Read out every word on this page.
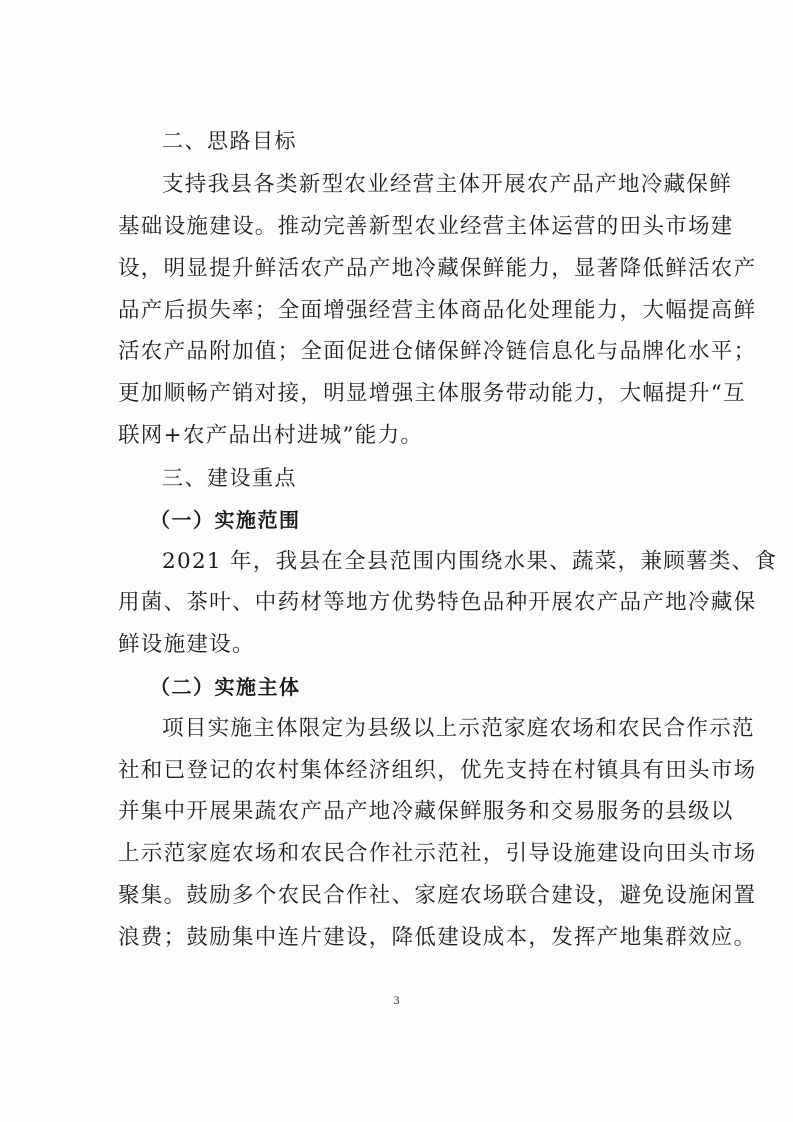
二、思路目标
支持我县各类新型农业经营主体开展农产品产地冷藏保鲜
基础设施建设。推动完善新型农业经营主体运营的田头市场建
设，明显提升鲜活农产品产地冷藏保鲜能力，显著降低鲜活农产
品产后损失率；全面增强经营主体商品化处理能力，大幅提高鲜
活农产品附加值；全面促进仓储保鲜冷链信息化与品牌化水平；
更加顺畅产销对接，明显增强主体服务带动能力，大幅提升“互
联网+农产品出村进城”能力。
三、建设重点
（一）实施范围
2021 年，我县在全县范围内围绕水果、蔬菜，兼顾薯类、食
用菌、茶叶、中药材等地方优势特色品种开展农产品产地冷藏保
鲜设施建设。
（二）实施主体
项目实施主体限定为县级以上示范家庭农场和农民合作示范
社和已登记的农村集体经济组织，优先支持在村镇具有田头市场
并集中开展果蔬农产品产地冷藏保鲜服务和交易服务的县级以
上示范家庭农场和农民合作社示范社，引导设施建设向田头市场
聚集。鼓励多个农民合作社、家庭农场联合建设，避免设施闲置
浪费；鼓励集中连片建设，降低建设成本，发挥产地集群效应。
3
